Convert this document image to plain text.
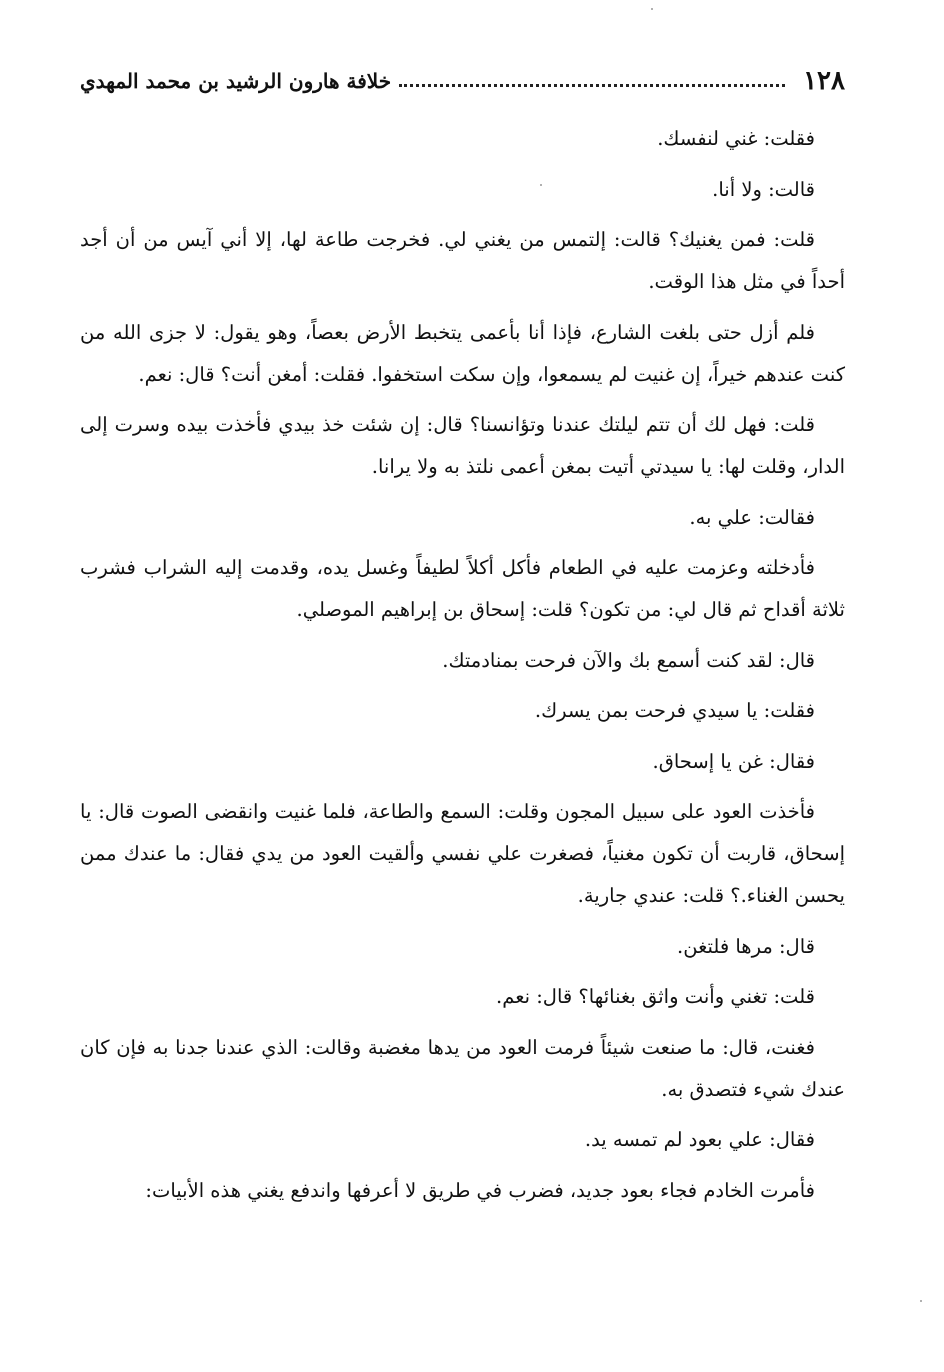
١٢٨
خلافة هارون الرشيد بن محمد المهدي

فقلت: غني لنفسك.

قالت: ولا أنا.

قلت: فمن يغنيك؟ قالت: إلتمس من يغني لي. فخرجت طاعة لها، إلا أني آيس من أن أجد أحداً في مثل هذا الوقت.

فلم أزل حتى بلغت الشارع، فإذا أنا بأعمى يتخبط الأرض بعصاً، وهو يقول: لا جزى الله من كنت عندهم خيراً، إن غنيت لم يسمعوا، وإن سكت استخفوا. فقلت: أمغن أنت؟ قال: نعم.

قلت: فهل لك أن تتم ليلتك عندنا وتؤانسنا؟ قال: إن شئت خذ بيدي فأخذت بيده وسرت إلى الدار، وقلت لها: يا سيدتي أتيت بمغن أعمى نلتذ به ولا يرانا.

فقالت: علي به.

فأدخلته وعزمت عليه في الطعام فأكل أكلاً لطيفاً وغسل يده، وقدمت إليه الشراب فشرب ثلاثة أقداح ثم قال لي: من تكون؟ قلت: إسحاق بن إبراهيم الموصلي.

قال: لقد كنت أسمع بك والآن فرحت بمنادمتك.

فقلت: يا سيدي فرحت بمن يسرك.

فقال: غن يا إسحاق.

فأخذت العود على سبيل المجون وقلت: السمع والطاعة، فلما غنيت وانقضى الصوت قال: يا إسحاق، قاربت أن تكون مغنياً، فصغرت علي نفسي وألقيت العود من يدي فقال: ما عندك ممن يحسن الغناء.؟ قلت: عندي جارية.

قال: مرها فلتغن.

قلت: تغني وأنت واثق بغنائها؟ قال: نعم.

فغنت، قال: ما صنعت شيئاً فرمت العود من يدها مغضبة وقالت: الذي عندنا جدنا به فإن كان عندك شيء فتصدق به.

فقال: علي بعود لم تمسه يد.

فأمرت الخادم فجاء بعود جديد، فضرب في طريق لا أعرفها واندفع يغني هذه الأبيات:
